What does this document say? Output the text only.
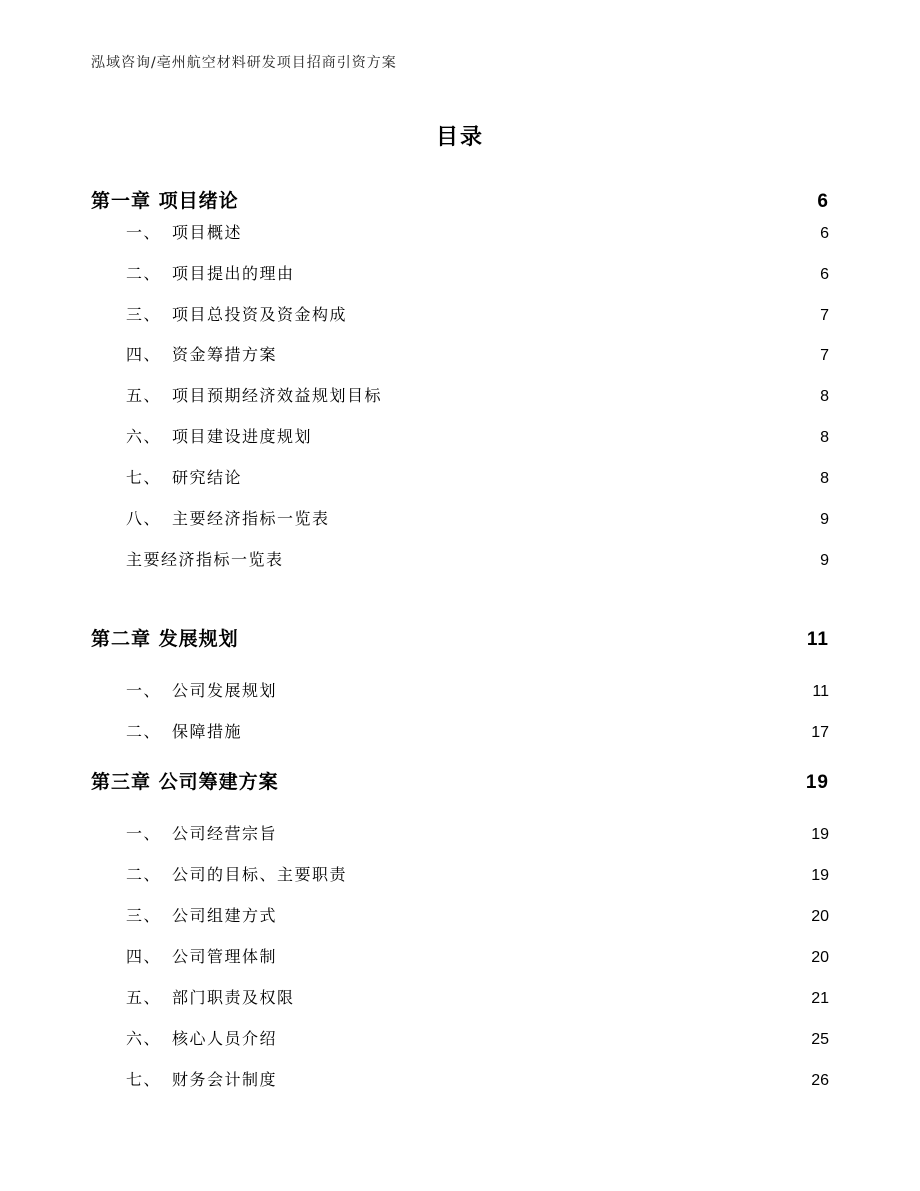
泓域咨询/亳州航空材料研发项目招商引资方案
目录
第一章 项目绪论	6
一、 项目概述	6
二、 项目提出的理由	6
三、 项目总投资及资金构成	7
四、 资金筹措方案	7
五、 项目预期经济效益规划目标	8
六、 项目建设进度规划	8
七、 研究结论	8
八、 主要经济指标一览表	9
主要经济指标一览表	9
第二章 发展规划	11
一、 公司发展规划	11
二、 保障措施	17
第三章 公司筹建方案	19
一、 公司经营宗旨	19
二、 公司的目标、主要职责	19
三、 公司组建方式	20
四、 公司管理体制	20
五、 部门职责及权限	21
六、 核心人员介绍	25
七、 财务会计制度	26
